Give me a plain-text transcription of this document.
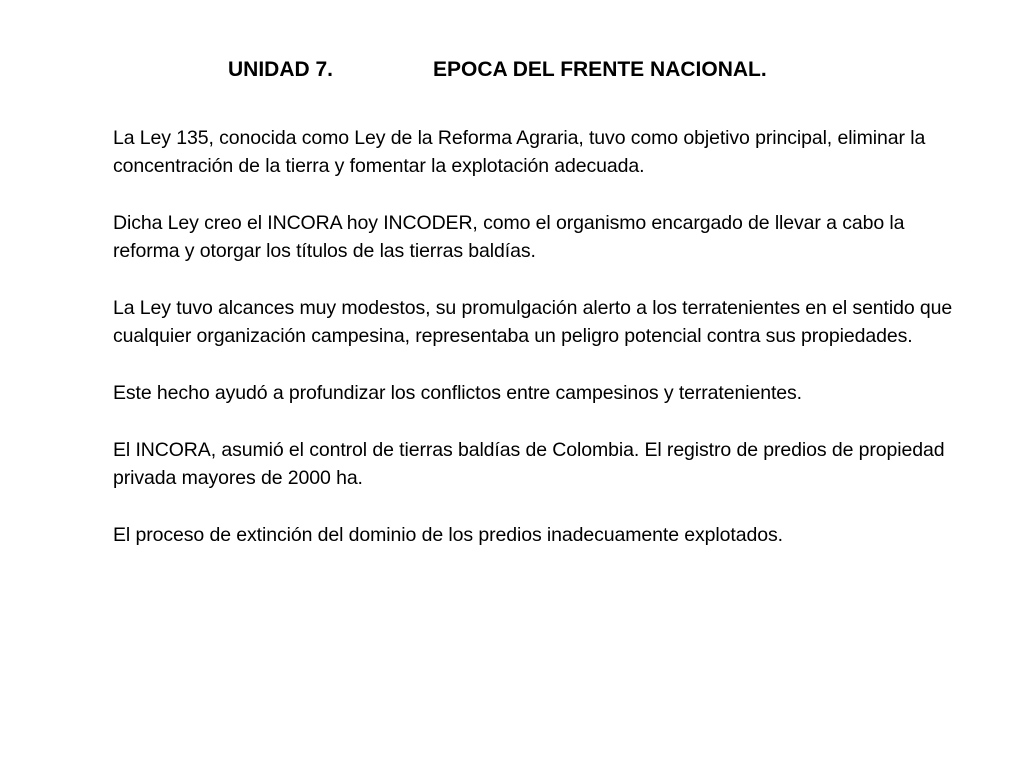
UNIDAD 7.	EPOCA DEL FRENTE NACIONAL.

La Ley 135, conocida como Ley de la Reforma Agraria, tuvo como objetivo principal, eliminar la concentración de la tierra y fomentar la explotación adecuada.

Dicha Ley creo el INCORA hoy INCODER, como el organismo encargado de llevar a cabo la reforma y otorgar los títulos de las tierras baldías.

La Ley tuvo alcances muy modestos, su promulgación alerto a los terratenientes en el sentido que cualquier organización campesina, representaba un peligro potencial contra sus propiedades.

Este hecho ayudó a profundizar los conflictos entre campesinos y terratenientes.

El INCORA, asumió el control de tierras baldías de Colombia. El registro de predios de propiedad privada mayores de 2000 ha.

El proceso de extinción del dominio de los predios inadecuamente explotados.
